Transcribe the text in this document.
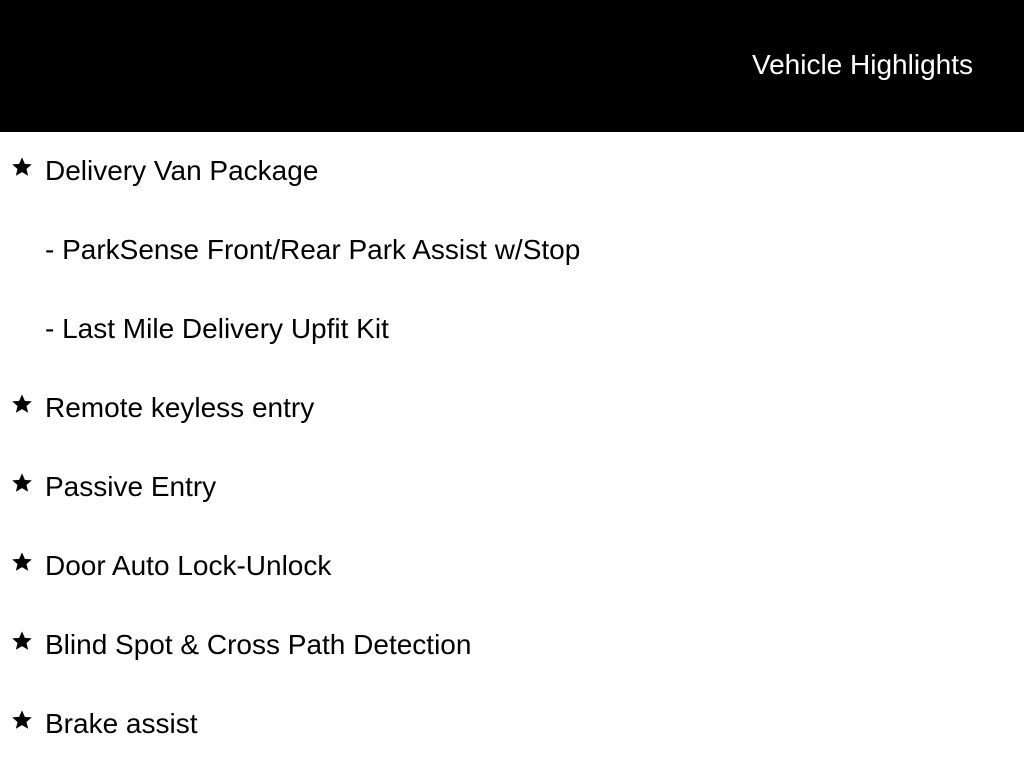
Vehicle Highlights
Delivery Van Package
- ParkSense Front/Rear Park Assist w/Stop
- Last Mile Delivery Upfit Kit
Remote keyless entry
Passive Entry
Door Auto Lock-Unlock
Blind Spot & Cross Path Detection
Brake assist
